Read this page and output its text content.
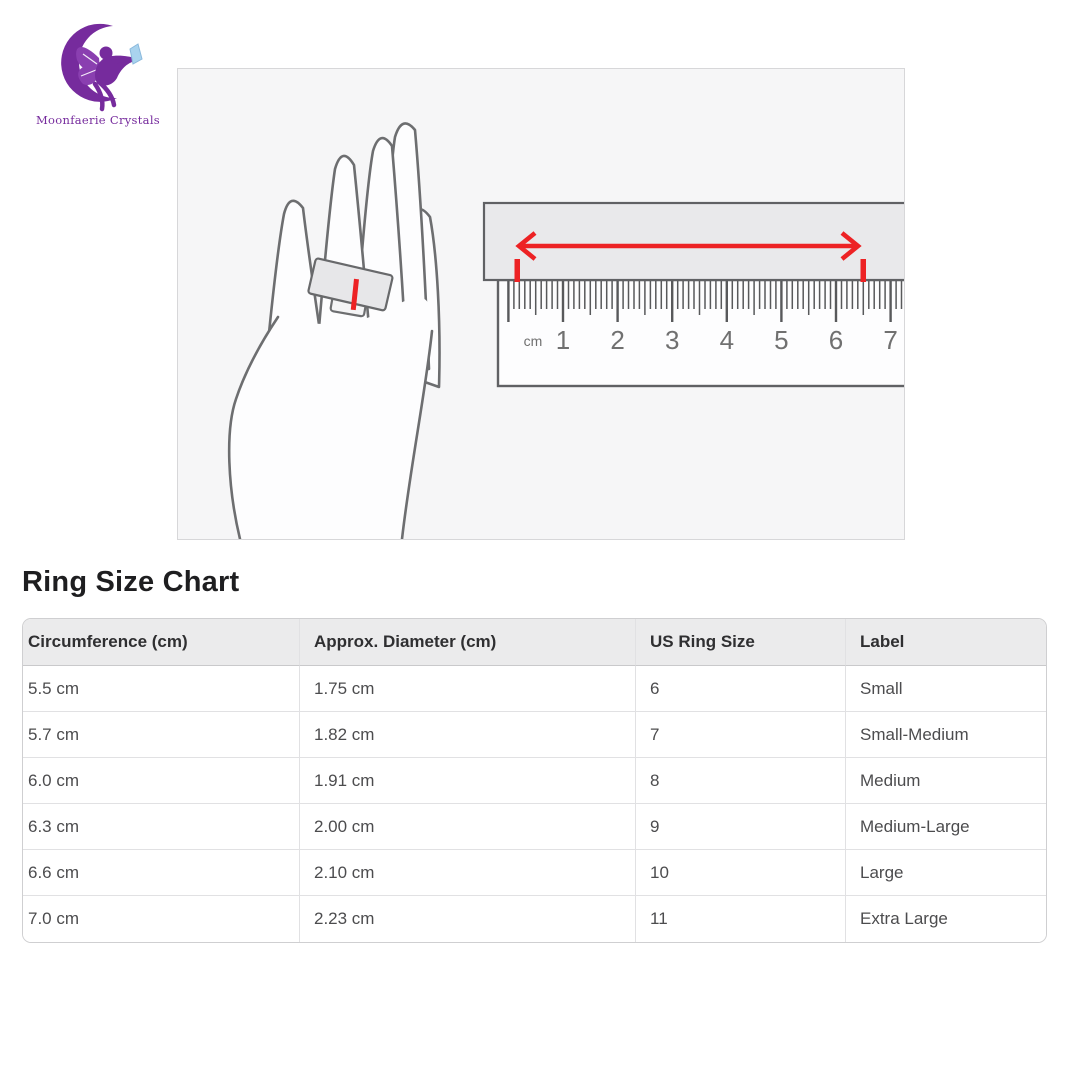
Moonfaerie Crystals
cm 1 2 3 4 5 6 7
Ring Size Chart
Circumference (cm)	Approx. Diameter (cm)	US Ring Size	Label
5.5 cm	1.75 cm	6	Small
5.7 cm	1.82 cm	7	Small-Medium
6.0 cm	1.91 cm	8	Medium
6.3 cm	2.00 cm	9	Medium-Large
6.6 cm	2.10 cm	10	Large
7.0 cm	2.23 cm	11	Extra Large
